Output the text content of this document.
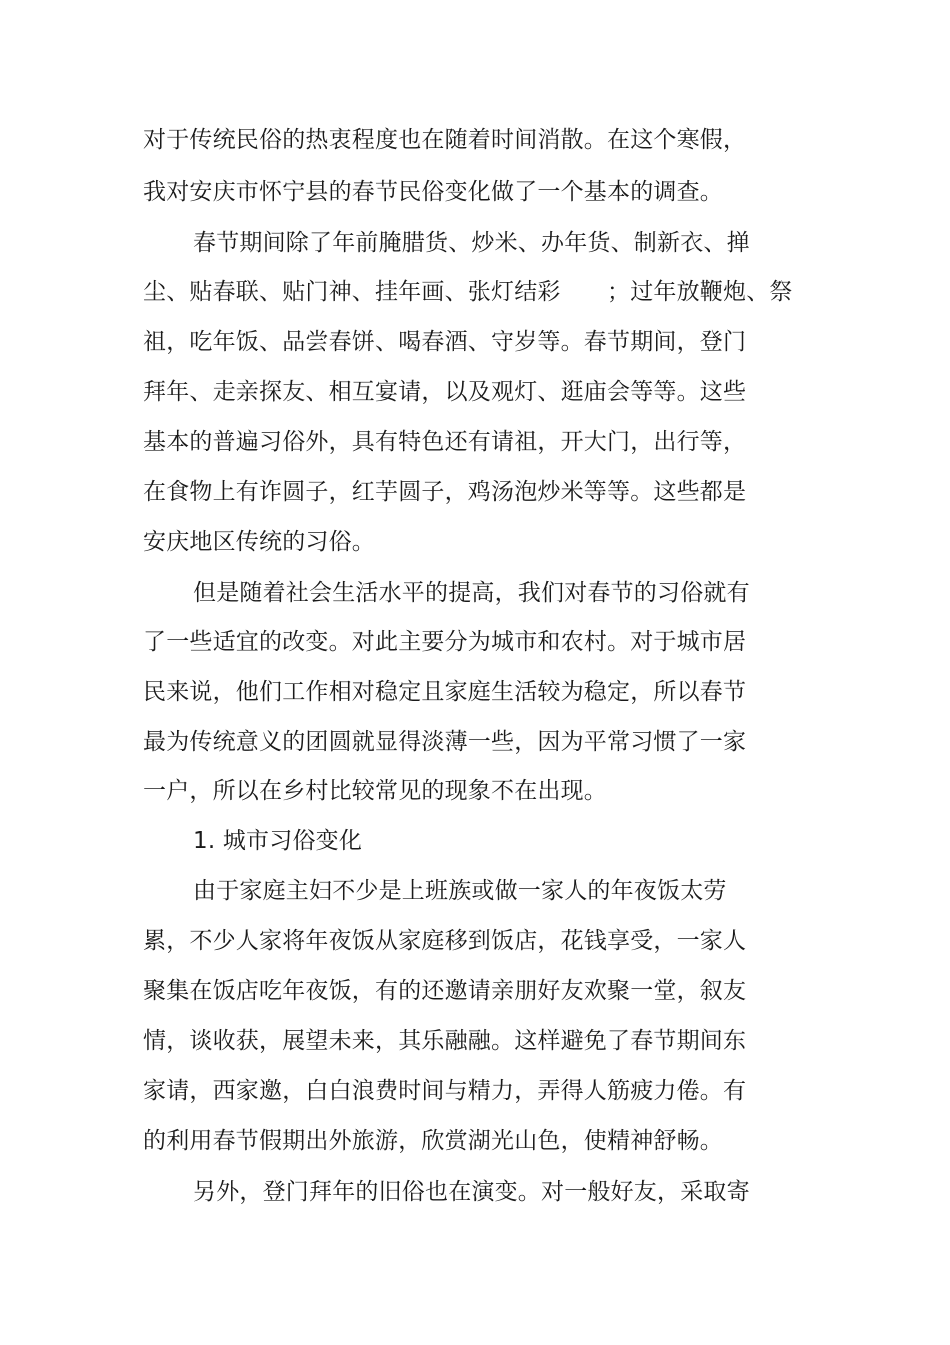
对于传统民俗的热衷程度也在随着时间消散。在这个寒假，
我对安庆市怀宁县的春节民俗变化做了一个基本的调查。
春节期间除了年前腌腊货、炒米、办年货、制新衣、掸
尘、贴春联、贴门神、挂年画、张灯结彩　　；过年放鞭炮、祭
祖，吃年饭、品尝春饼、喝春酒、守岁等。春节期间，登门
拜年、走亲探友、相互宴请，以及观灯、逛庙会等等。这些
基本的普遍习俗外，具有特色还有请祖，开大门，出行等，
在食物上有诈圆子，红芋圆子，鸡汤泡炒米等等。这些都是
安庆地区传统的习俗。
但是随着社会生活水平的提高，我们对春节的习俗就有
了一些适宜的改变。对此主要分为城市和农村。对于城市居
民来说，他们工作相对稳定且家庭生活较为稳定，所以春节
最为传统意义的团圆就显得淡薄一些，因为平常习惯了一家
一户，所以在乡村比较常见的现象不在出现。
1. 城市习俗变化
由于家庭主妇不少是上班族或做一家人的年夜饭太劳
累，不少人家将年夜饭从家庭移到饭店，花钱享受，一家人
聚集在饭店吃年夜饭，有的还邀请亲朋好友欢聚一堂，叙友
情，谈收获，展望未来，其乐融融。这样避免了春节期间东
家请，西家邀，白白浪费时间与精力，弄得人筋疲力倦。有
的利用春节假期出外旅游，欣赏湖光山色，使精神舒畅。
另外，登门拜年的旧俗也在演变。对一般好友，采取寄
